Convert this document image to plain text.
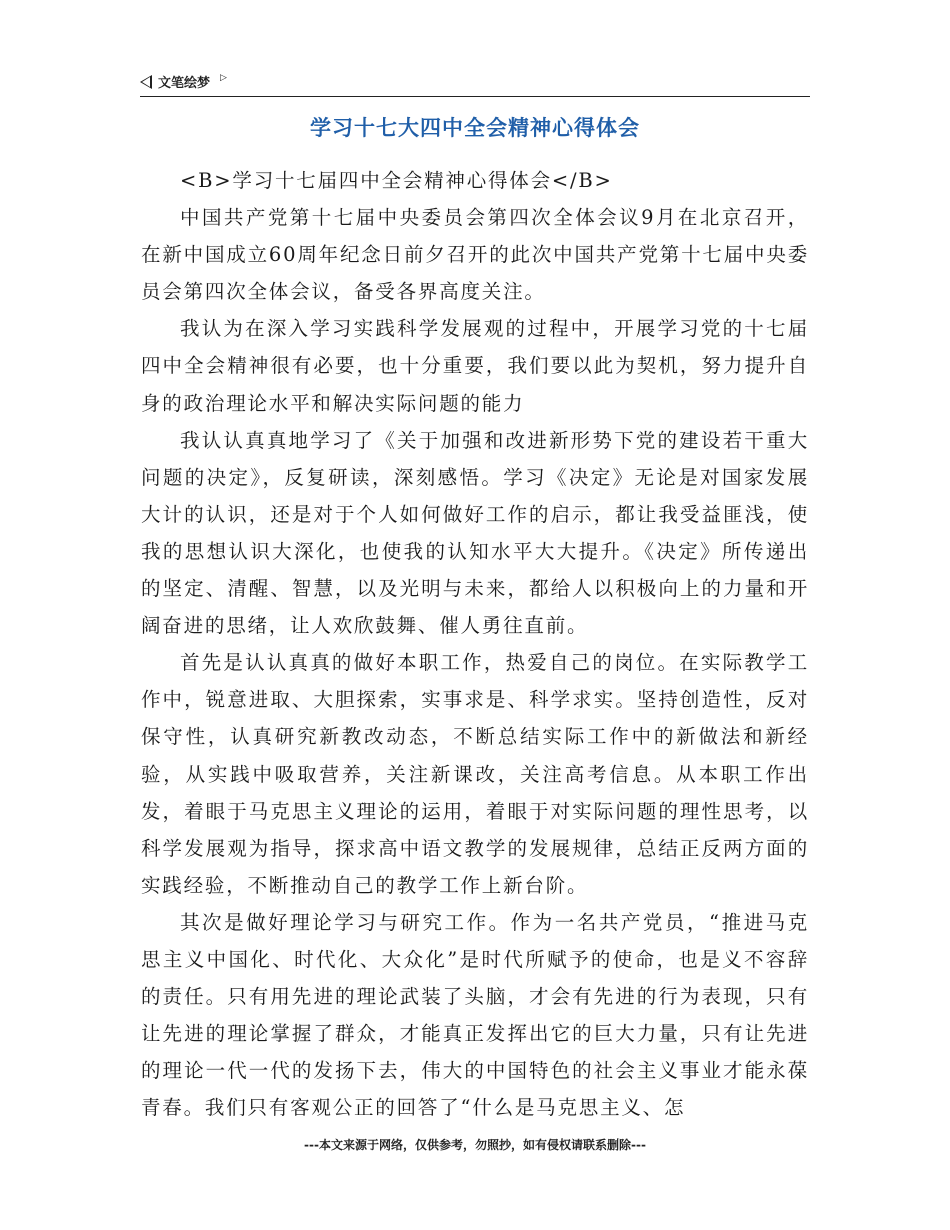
文笔绘梦 ▷
学习十七大四中全会精神心得体会

<B>学习十七届四中全会精神心得体会</B>

中国共产党第十七届中央委员会第四次全体会议9月在北京召开，在新中国成立60周年纪念日前夕召开的此次中国共产党第十七届中央委员会第四次全体会议，备受各界高度关注。

我认为在深入学习实践科学发展观的过程中，开展学习党的十七届四中全会精神很有必要，也十分重要，我们要以此为契机，努力提升自身的政治理论水平和解决实际问题的能力

我认认真真地学习了《关于加强和改进新形势下党的建设若干重大问题的决定》，反复研读，深刻感悟。学习《决定》无论是对国家发展大计的认识，还是对于个人如何做好工作的启示，都让我受益匪浅，使我的思想认识大深化，也使我的认知水平大大提升。《决定》所传递出的坚定、清醒、智慧，以及光明与未来，都给人以积极向上的力量和开阔奋进的思绪，让人欢欣鼓舞、催人勇往直前。

首先是认认真真的做好本职工作，热爱自己的岗位。在实际教学工作中，锐意进取、大胆探索，实事求是、科学求实。坚持创造性，反对保守性，认真研究新教改动态，不断总结实际工作中的新做法和新经验，从实践中吸取营养，关注新课改，关注高考信息。从本职工作出发，着眼于马克思主义理论的运用，着眼于对实际问题的理性思考，以科学发展观为指导，探求高中语文教学的发展规律，总结正反两方面的实践经验，不断推动自己的教学工作上新台阶。

其次是做好理论学习与研究工作。作为一名共产党员，“推进马克思主义中国化、时代化、大众化”是时代所赋予的使命，也是义不容辞的责任。只有用先进的理论武装了头脑，才会有先进的行为表现，只有让先进的理论掌握了群众，才能真正发挥出它的巨大力量，只有让先进的理论一代一代的发扬下去，伟大的中国特色的社会主义事业才能永葆青春。我们只有客观公正的回答了“什么是马克思主义、怎

---本文来源于网络，仅供参考，勿照抄，如有侵权请联系删除---
